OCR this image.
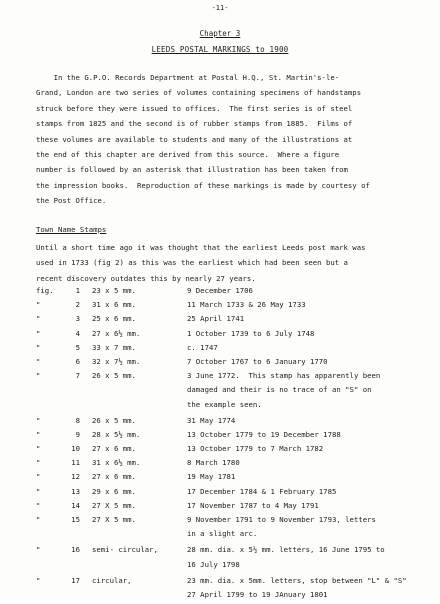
-11-
Chapter 3
LEEDS POSTAL MARKINGS to 1900
In the G.P.O. Records Department at Postal H.Q., St. Martin's-le-
Grand, London are two series of volumes containing specimens of handstamps
struck before they were issued to offices.  The first series is of steel
stamps from 1825 and the second is of rubber stamps from 1885.  Films of
these volumes are available to students and many of the illustrations at
the end of this chapter are derived from this source.  Where a figure
number is followed by an asterisk that illustration has been taken from
the impression books.  Reproduction of these markings is made by courtesy of
the Post Office.
Town Name Stamps
Until a short time ago it was thought that the earliest Leeds post mark was
used in 1733 (fig 2) as this was the earliest which had been seen but a
recent discovery outdates this by nearly 27 years.
fig.	1 23 x 5 mm.	9 December 1706
"	2 31 x 6 mm.	11 March 1733 & 26 May 1733
"	3 25 x 6 mm.	25 April 1741
"	4 27 x 6½ mm.	1 October 1739 to 6 July 1748
"	5 33 x 7 mm.	c. 1747
"	6 32 x 7½ mm.	7 October 1767 to 6 January 1770
"	7 26 x 5 mm.	3 June 1772.  This stamp has apparently been
damaged and their is no trace of an "S" on
the example seen.
"	8 26 x 5 mm.	31 May 1774
"	9 28 x 5½ mm.	13 October 1779 to 19 December 1788
"	10 27 x 6 mm.	13 October 1779 to 7 March 1782
"	11 31 x 6½ mm.	8 March 1780
"	12 27 x 6 mm.	19 May 1781
"	13 29 x 6 mm.	17 December 1784 & 1 February 1785
"	14 27 X 5 mm.	17 November 1787 to 4 May 1791
"	15 27 X 5 mm.	9 November 1791 to 9 November 1793, letters
in a slight arc.
"	16 semi- circular,	28 mm. dia. x 5½ mm. letters, 16 June 1795 to
16 July 1798
"	17 circular,	23 mm. dia. x 5mm. letters, stop between "L" & "S"
27 April 1799 to 19 JAnuary 1801
